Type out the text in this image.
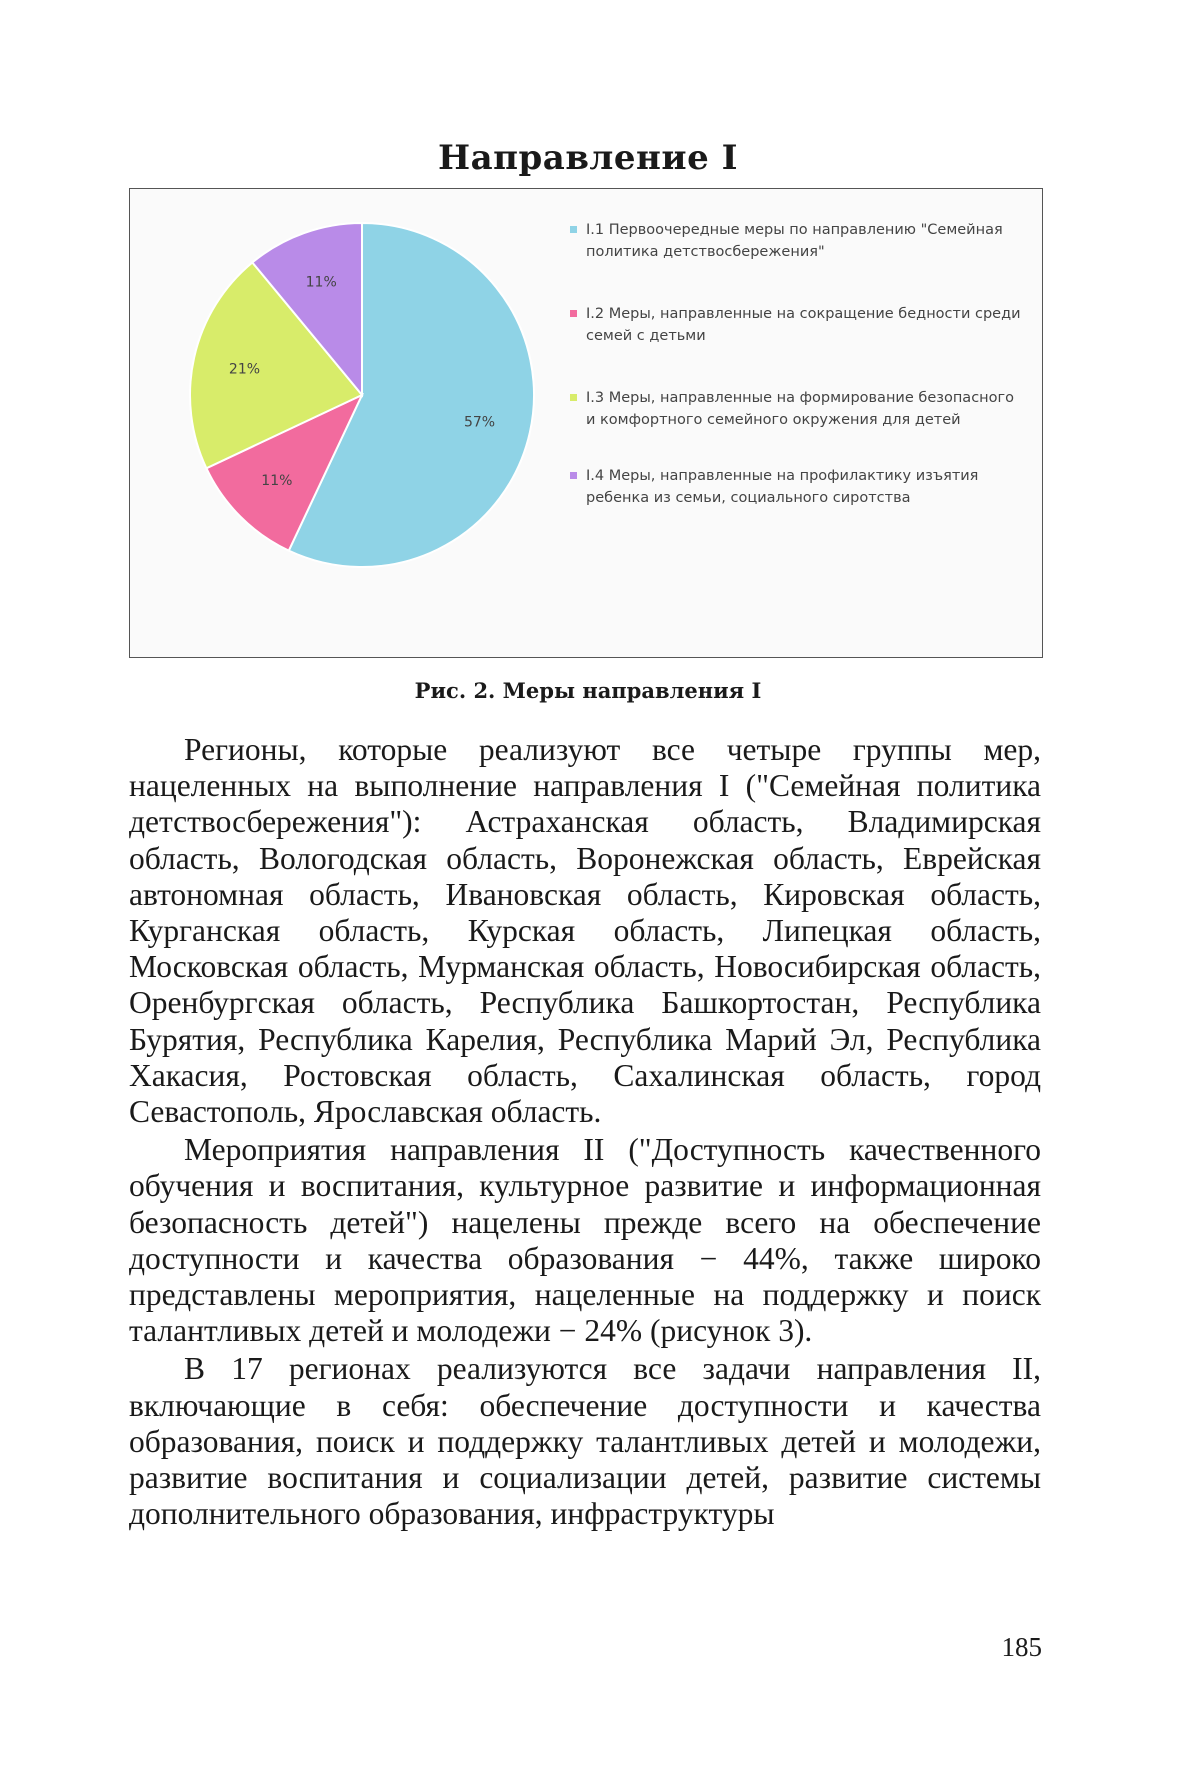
Направление I
57%
11%
21%
11%
I.1 Первоочередные меры по направлению "Семейная политика детствосбережения"
I.2 Меры, направленные на сокращение бедности среди семей с детьми
I.3 Меры, направленные на формирование безопасного и комфортного семейного окружения для детей
I.4 Меры, направленные на профилактику изъятия ребенка из семьи, социального сиротства

Рис. 2. Меры направления I

Регионы, которые реализуют все четыре группы мер, нацеленных на выполнение направления I ("Семейная политика детствосбережения"): Астраханская область, Владимирская область, Вологодская область, Воронежская область, Еврейская автономная область, Ивановская область, Кировская область, Курганская область, Курская область, Липецкая область, Московская область, Мурманская область, Новосибирская область, Оренбургская область, Республика Башкортостан, Республика Бурятия, Республика Карелия, Республика Марий Эл, Республика Хакасия, Ростовская область, Сахалинская область, город Севастополь, Ярославская область.

Мероприятия направления II ("Доступность качественного обучения и воспитания, культурное развитие и информационная безопасность детей") нацелены прежде всего на обеспечение доступности и качества образования − 44%, также широко представлены мероприятия, нацеленные на поддержку и поиск талантливых детей и молодежи − 24% (рисунок 3).

В 17 регионах реализуются все задачи направления II, включающие в себя: обеспечение доступности и качества образования, поиск и поддержку талантливых детей и молодежи, развитие воспитания и социализации детей, развитие системы дополнительного образования, инфраструктуры

185
